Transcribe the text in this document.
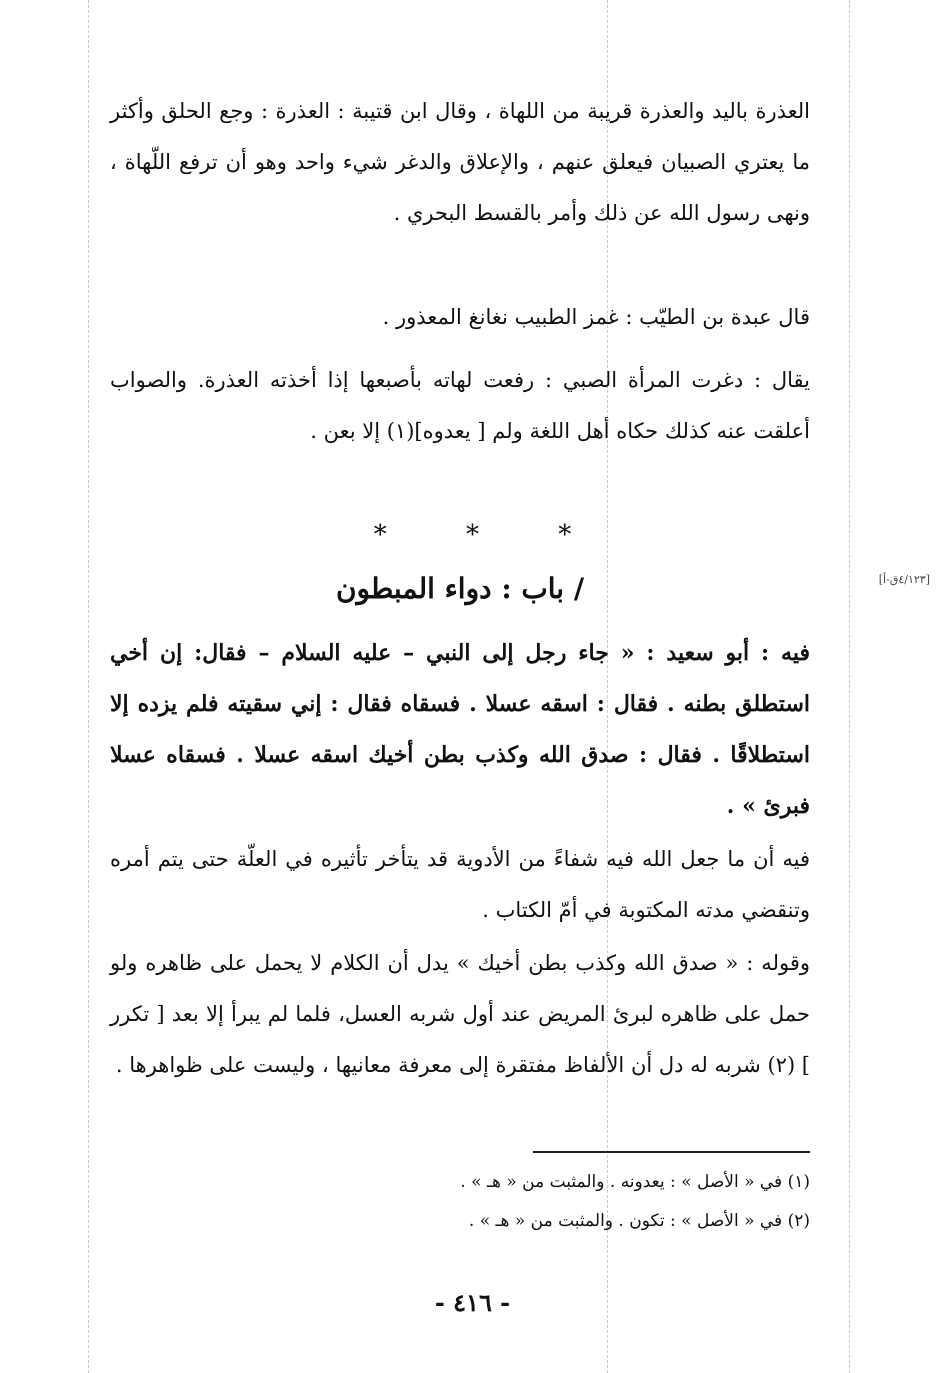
العذرة باليد والعذرة قريبة من اللهاة ، وقال ابن قتيبة : العذرة : وجع الحلق وأكثر ما يعتري الصبيان فيعلق عنهم ، والإعلاق والدغر شيء واحد وهو أن ترفع اللّهاة ، ونهى رسول الله عن ذلك وأمر بالقسط البحري .

قال عبدة بن الطيّب : غمز الطبيب نغانغ المعذور .

يقال : دغرت المرأة الصبي : رفعت لهاته بأصبعها إذا أخذته العذرة. والصواب أعلقت عنه كذلك حكاه أهل اللغة ولم [ يعدوه](١) إلا بعن .

*	*	*
[٤/١٢٣ق-أ]
/ باب : دواء المبطون

فيه : أبو سعيد : « جاء رجل إلى النبي – عليه السلام – فقال: إن أخي استطلق بطنه . فقال : اسقه عسلا . فسقاه فقال : إني سقيته فلم يزده إلا استطلاقًا . فقال : صدق الله وكذب بطن أخيك اسقه عسلا . فسقاه عسلا فبرئ » .

فيه أن ما جعل الله فيه شفاءً من الأدوية قد يتأخر تأثيره في العلّة حتى يتم أمره وتنقضي مدته المكتوبة في أمّ الكتاب .

وقوله : « صدق الله وكذب بطن أخيك » يدل أن الكلام لا يحمل على ظاهره ولو حمل على ظاهره لبرئ المريض عند أول شربه العسل، فلما لم يبرأ إلا بعد [ تكرر ] (٢) شربه له دل أن الألفاظ مفتقرة إلى معرفة معانيها ، وليست على ظواهرها .

(١) في « الأصل » : يعدونه . والمثبت من « هـ » .

(٢) في « الأصل » : تكون . والمثبت من « هـ » .

- ٤١٦ -
